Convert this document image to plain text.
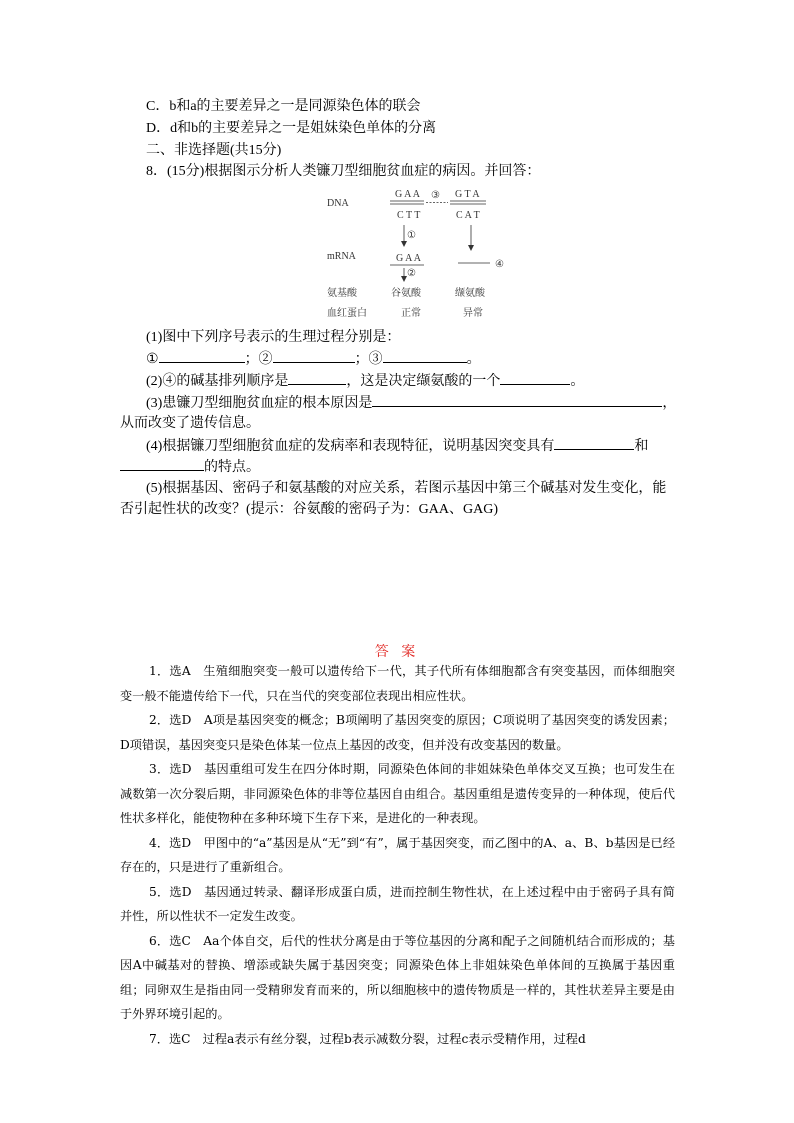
C．b和a的主要差异之一是同源染色体的联会
D．d和b的主要差异之一是姐妹染色单体的分离
二、非选择题(共15分)
8．(15分)根据图示分析人类镰刀型细胞贫血症的病因。并回答：
DNA
mRNA
G A A
C T T
G T A
C A T
G A A
③
①
②
④
氨基酸
血红蛋白
谷氨酸
正常
缬氨酸
异常
(1)图中下列序号表示的生理过程分别是：
①	；②	；③	。
(2)④的碱基排列顺序是	，这是决定缬氨酸的一个	。
(3)患镰刀型细胞贫血症的根本原因是	，
从而改变了遗传信息。
(4)根据镰刀型细胞贫血症的发病率和表现特征，说明基因突变具有	和
的特点。
(5)根据基因、密码子和氨基酸的对应关系，若图示基因中第三个碱基对发生变化，能
否引起性状的改变？(提示：谷氨酸的密码子为：GAA、GAG)
答 案

1．选A　生殖细胞突变一般可以遗传给下一代，其子代所有体细胞都含有突变基因，而体细胞突变一般不能遗传给下一代，只在当代的突变部位表现出相应性状。

2．选D　A项是基因突变的概念；B项阐明了基因突变的原因；C项说明了基因突变的诱发因素；D项错误，基因突变只是染色体某一位点上基因的改变，但并没有改变基因的数量。

3．选D　基因重组可发生在四分体时期，同源染色体间的非姐妹染色单体交叉互换；也可发生在减数第一次分裂后期，非同源染色体的非等位基因自由组合。基因重组是遗传变异的一种体现，使后代性状多样化，能使物种在多种环境下生存下来，是进化的一种表现。

4．选D　甲图中的“a”基因是从“无”到“有”，属于基因突变，而乙图中的A、a、B、b基因是已经存在的，只是进行了重新组合。

5．选D　基因通过转录、翻译形成蛋白质，进而控制生物性状，在上述过程中由于密码子具有简并性，所以性状不一定发生改变。

6．选C　Aa个体自交，后代的性状分离是由于等位基因的分离和配子之间随机结合而形成的；基因A中碱基对的替换、增添或缺失属于基因突变；同源染色体上非姐妹染色单体间的互换属于基因重组；同卵双生是指由同一受精卵发育而来的，所以细胞核中的遗传物质是一样的，其性状差异主要是由于外界环境引起的。

7．选C　过程a表示有丝分裂，过程b表示减数分裂，过程c表示受精作用，过程d
